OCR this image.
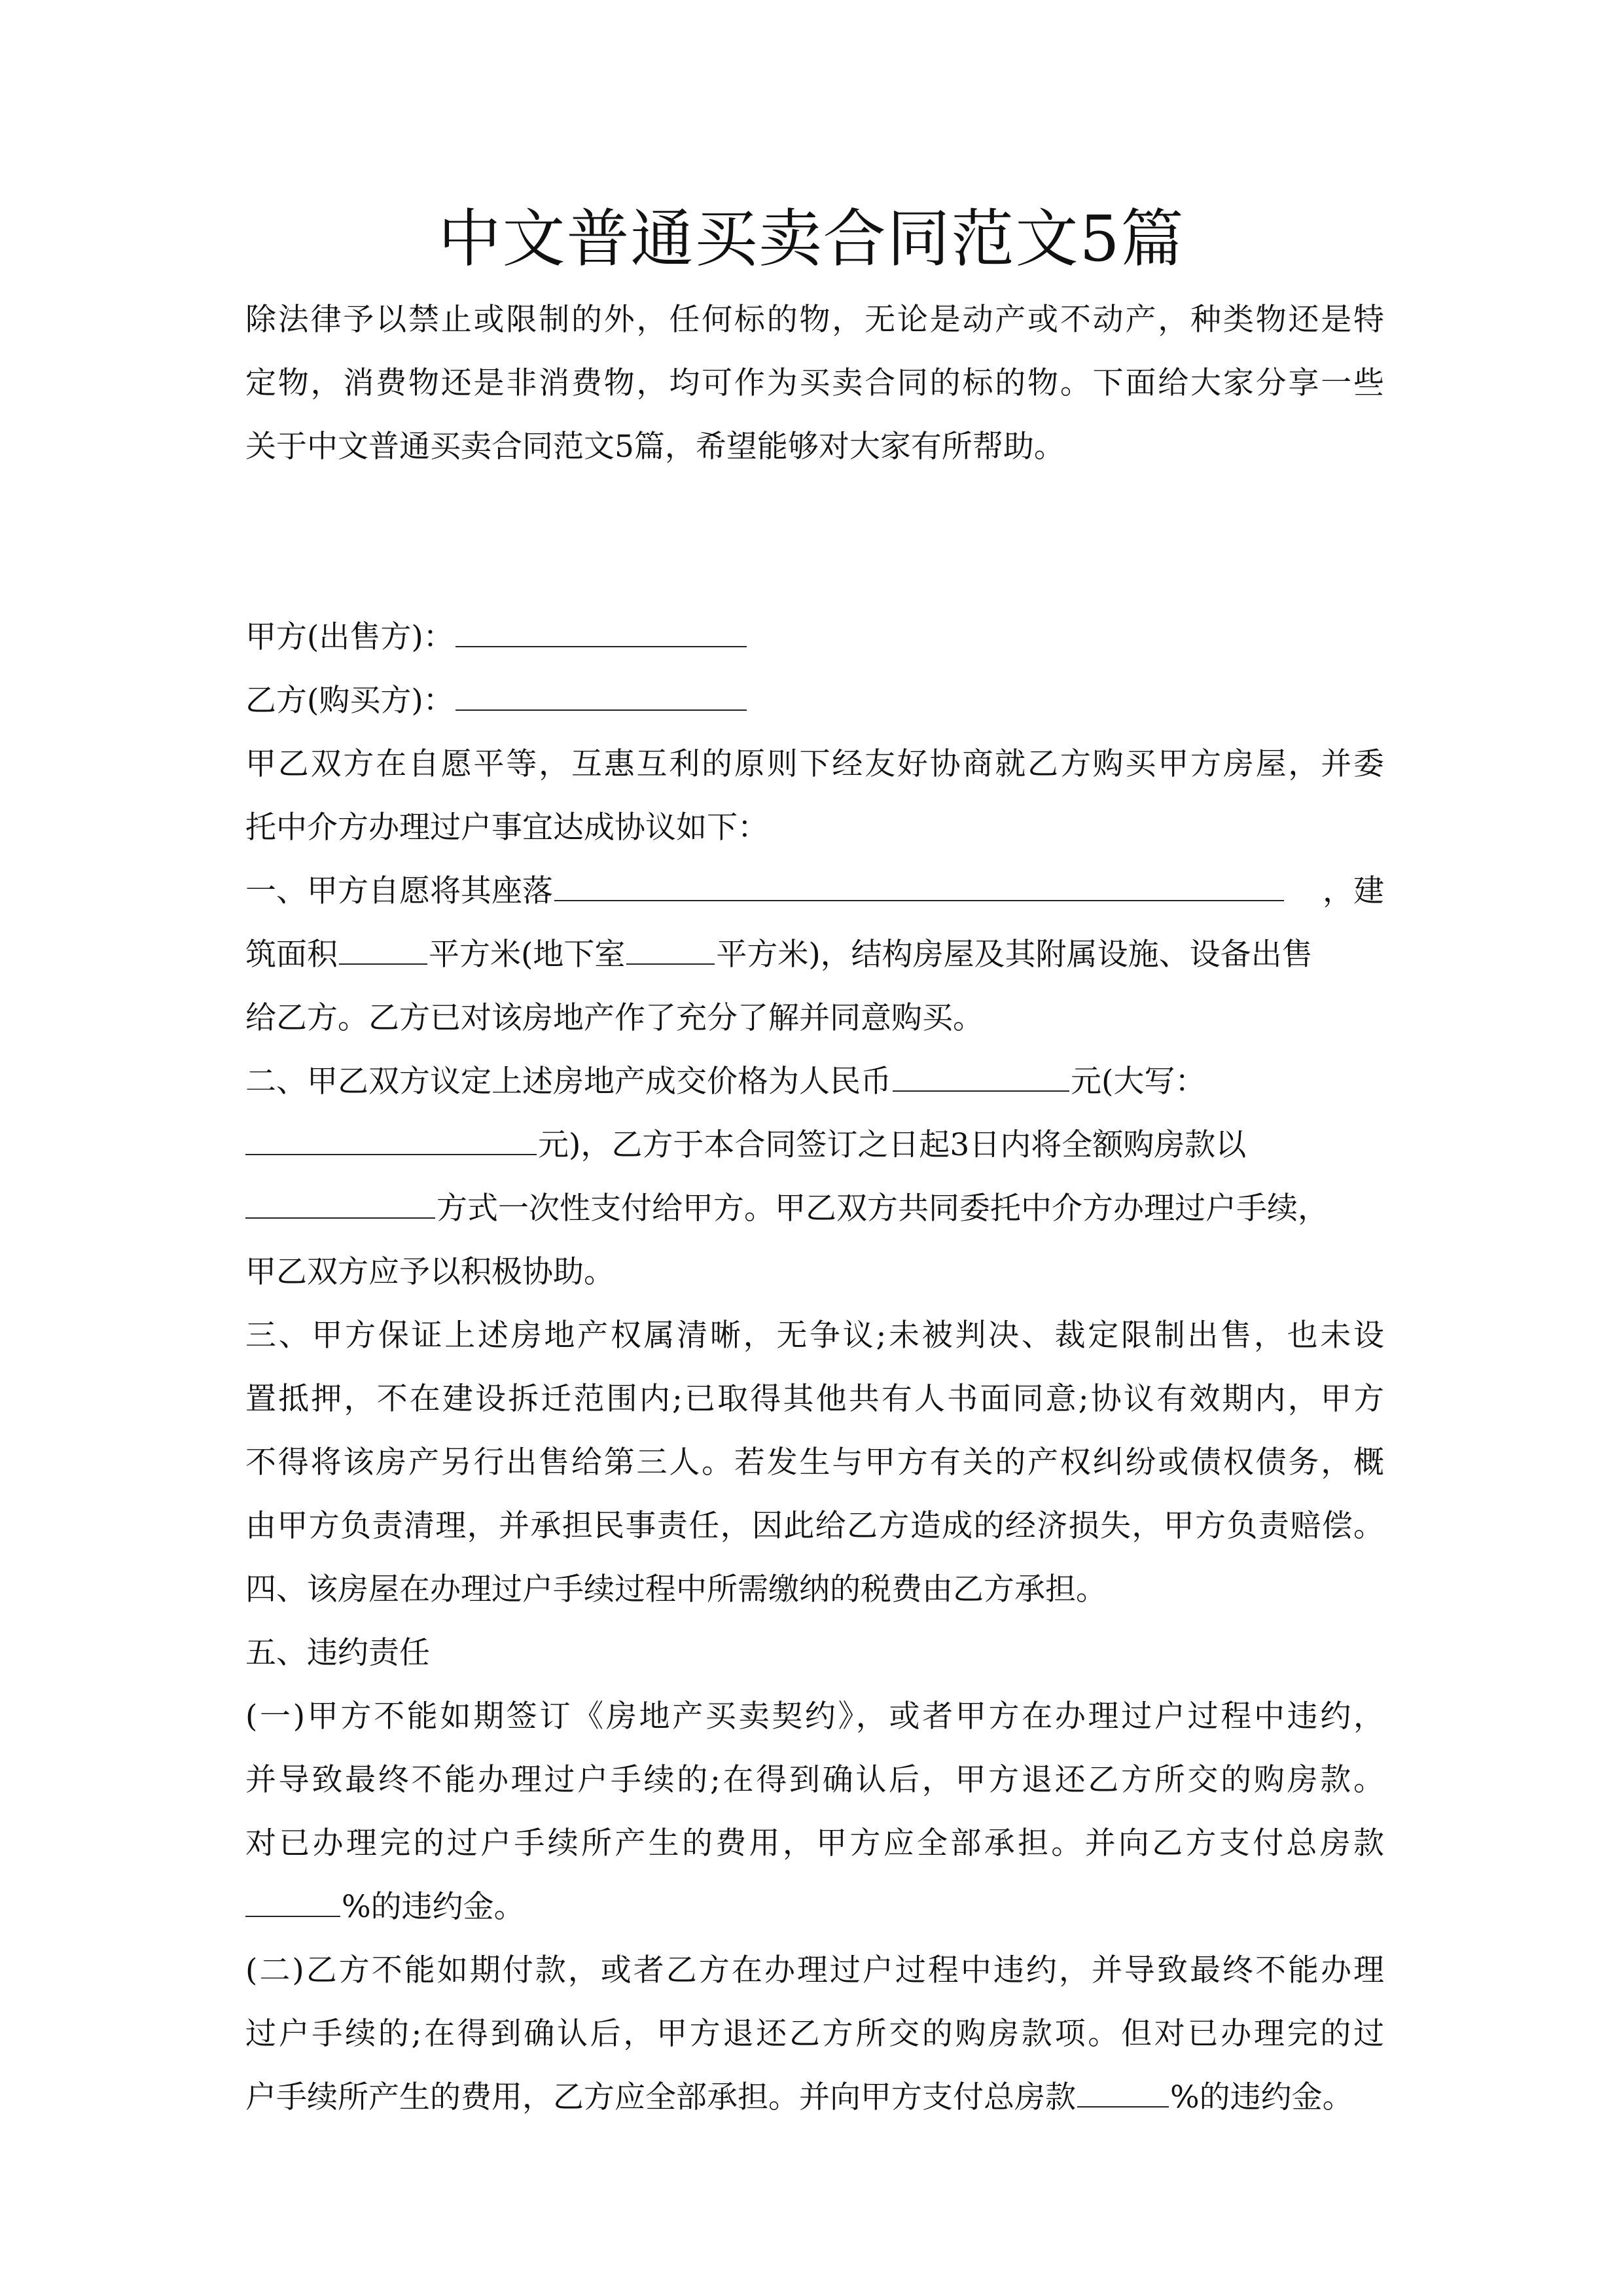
中文普通买卖合同范文5篇
除法律予以禁止或限制的外，任何标的物，无论是动产或不动产，种类物还是特
定物，消费物还是非消费物，均可作为买卖合同的标的物。下面给大家分享一些
关于中文普通买卖合同范文5篇，希望能够对大家有所帮助。
甲方(出售方)：
乙方(购买方)：
甲乙双方在自愿平等，互惠互利的原则下经友好协商就乙方购买甲方房屋，并委
托中介方办理过户事宜达成协议如下：
一、甲方自愿将其座落	，建
筑面积	平方米(地下室	平方米)，结构房屋及其附属设施、设备出售
给乙方。乙方已对该房地产作了充分了解并同意购买。
二、甲乙双方议定上述房地产成交价格为人民币	元(大写：
元)，乙方于本合同签订之日起3日内将全额购房款以
方式一次性支付给甲方。甲乙双方共同委托中介方办理过户手续，
甲乙双方应予以积极协助。
三、甲方保证上述房地产权属清晰，无争议;未被判决、裁定限制出售，也未设
置抵押，不在建设拆迁范围内;已取得其他共有人书面同意;协议有效期内，甲方
不得将该房产另行出售给第三人。若发生与甲方有关的产权纠纷或债权债务，概
由甲方负责清理，并承担民事责任，因此给乙方造成的经济损失，甲方负责赔偿。
四、该房屋在办理过户手续过程中所需缴纳的税费由乙方承担。
五、违约责任
(一)甲方不能如期签订《房地产买卖契约》，或者甲方在办理过户过程中违约，
并导致最终不能办理过户手续的;在得到确认后，甲方退还乙方所交的购房款。
对已办理完的过户手续所产生的费用，甲方应全部承担。并向乙方支付总房款
%的违约金。
(二)乙方不能如期付款，或者乙方在办理过户过程中违约，并导致最终不能办理
过户手续的;在得到确认后，甲方退还乙方所交的购房款项。但对已办理完的过
户手续所产生的费用，乙方应全部承担。并向甲方支付总房款	%的违约金。
